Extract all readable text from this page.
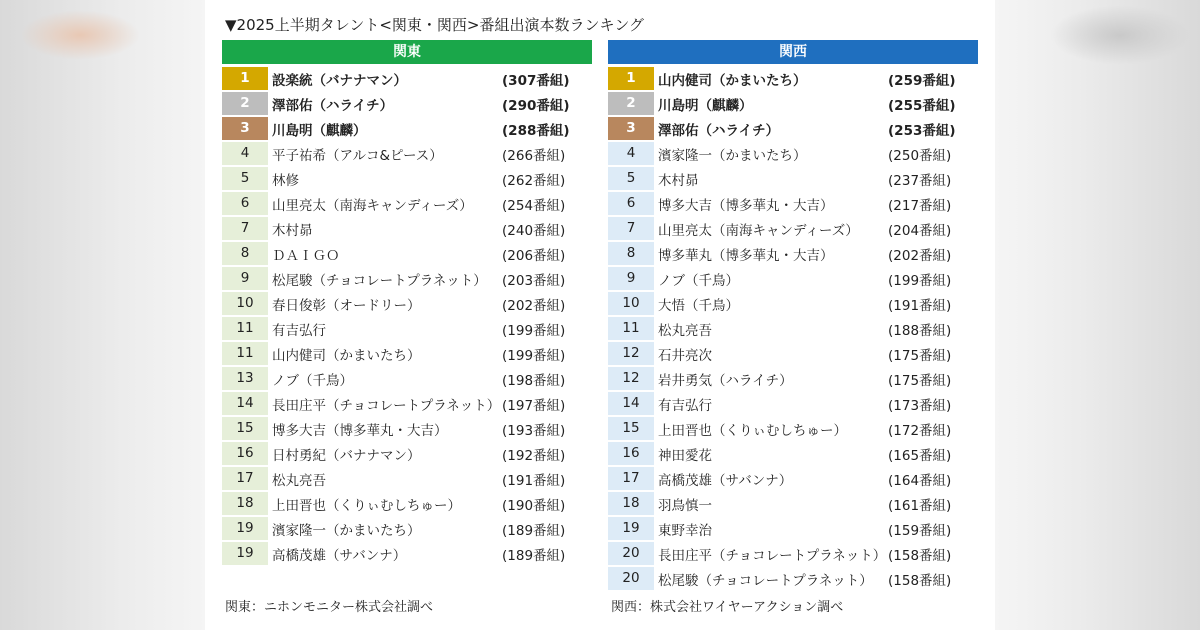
▼2025上半期タレント<関東・関西>番組出演本数ランキング
関東
1	設楽統（バナナマン）	(307番組)
2	澤部佑（ハライチ）	(290番組)
3	川島明（麒麟）	(288番組)
4	平子祐希（アルコ&ピース）	(266番組)
5	林修	(262番組)
6	山里亮太（南海キャンディーズ）	(254番組)
7	木村昴	(240番組)
8	ＤＡＩＧＯ	(206番組)
9	松尾駿（チョコレートプラネット）	(203番組)
10	春日俊彰（オードリー）	(202番組)
11	有吉弘行	(199番組)
11	山内健司（かまいたち）	(199番組)
13	ノブ（千鳥）	(198番組)
14	長田庄平（チョコレートプラネット） (197番組)
15	博多大吉（博多華丸・大吉）	(193番組)
16	日村勇紀（バナナマン）	(192番組)
17	松丸亮吾	(191番組)
18	上田晋也（くりぃむしちゅー）	(190番組)
19	濱家隆一（かまいたち）	(189番組)
19	高橋茂雄（サバンナ）	(189番組)
関西
1	山内健司（かまいたち）	(259番組)
2	川島明（麒麟）	(255番組)
3	澤部佑（ハライチ）	(253番組)
4	濱家隆一（かまいたち）	(250番組)
5	木村昴	(237番組)
6	博多大吉（博多華丸・大吉）	(217番組)
7	山里亮太（南海キャンディーズ）	(204番組)
8	博多華丸（博多華丸・大吉）	(202番組)
9	ノブ（千鳥）	(199番組)
10	大悟（千鳥）	(191番組)
11	松丸亮吾	(188番組)
12	石井亮次	(175番組)
12	岩井勇気（ハライチ）	(175番組)
14	有吉弘行	(173番組)
15	上田晋也（くりぃむしちゅー）	(172番組)
16	神田愛花	(165番組)
17	高橋茂雄（サバンナ）	(164番組)
18	羽鳥慎一	(161番組)
19	東野幸治	(159番組)
20	長田庄平（チョコレートプラネット） (158番組)
20	松尾駿（チョコレートプラネット）	(158番組)
関東：ニホンモニター株式会社調べ	関西：株式会社ワイヤーアクション調べ
